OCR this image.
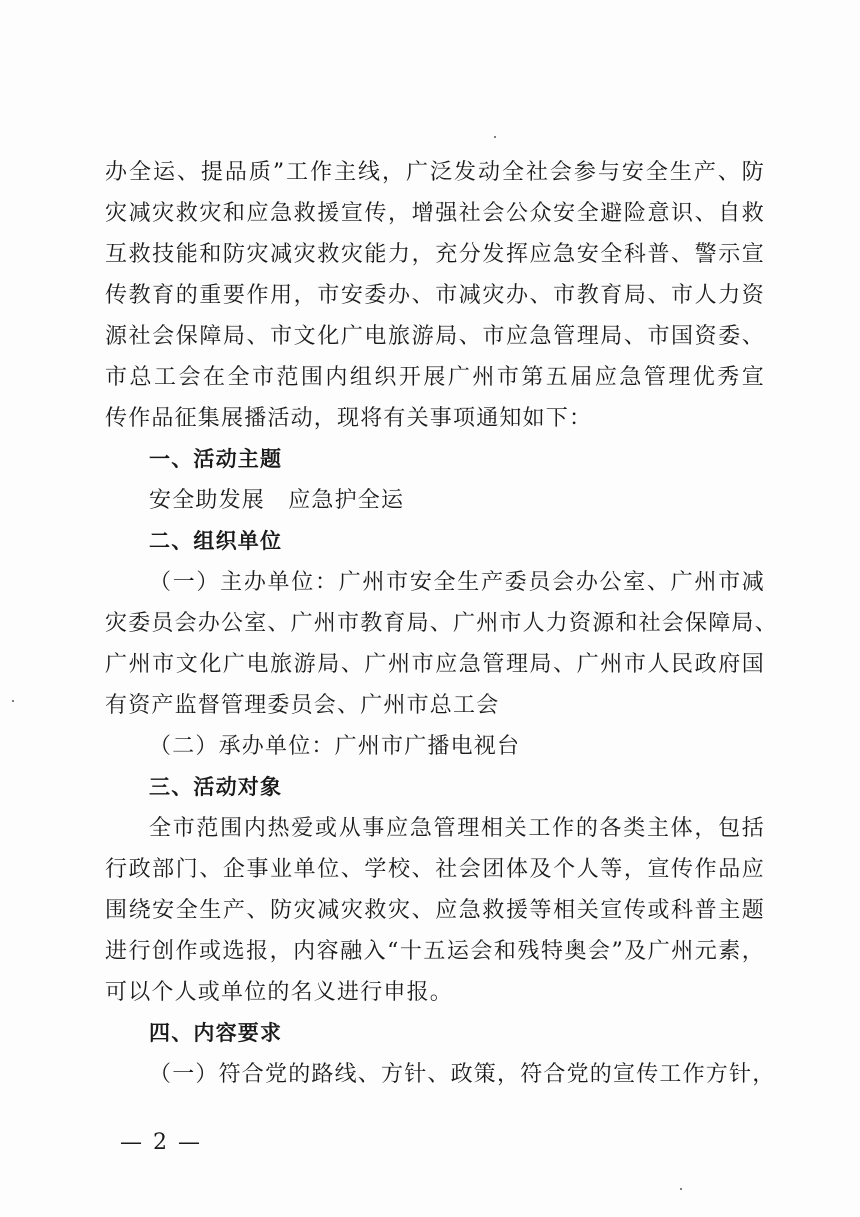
办全运、提品质”工作主线，广泛发动全社会参与安全生产、防
灾减灾救灾和应急救援宣传，增强社会公众安全避险意识、自救
互救技能和防灾减灾救灾能力，充分发挥应急安全科普、警示宣
传教育的重要作用，市安委办、市减灾办、市教育局、市人力资
源社会保障局、市文化广电旅游局、市应急管理局、市国资委、
市总工会在全市范围内组织开展广州市第五届应急管理优秀宣
传作品征集展播活动，现将有关事项通知如下：
一、活动主题
安全助发展　应急护全运
二、组织单位
（一）主办单位：广州市安全生产委员会办公室、广州市减
灾委员会办公室、广州市教育局、广州市人力资源和社会保障局、
广州市文化广电旅游局、广州市应急管理局、广州市人民政府国
有资产监督管理委员会、广州市总工会
（二）承办单位：广州市广播电视台
三、活动对象
全市范围内热爱或从事应急管理相关工作的各类主体，包括
行政部门、企事业单位、学校、社会团体及个人等，宣传作品应
围绕安全生产、防灾减灾救灾、应急救援等相关宣传或科普主题
进行创作或选报，内容融入“十五运会和残特奥会”及广州元素，
可以个人或单位的名义进行申报。
四、内容要求
（一）符合党的路线、方针、政策，符合党的宣传工作方针，
— 2 —
